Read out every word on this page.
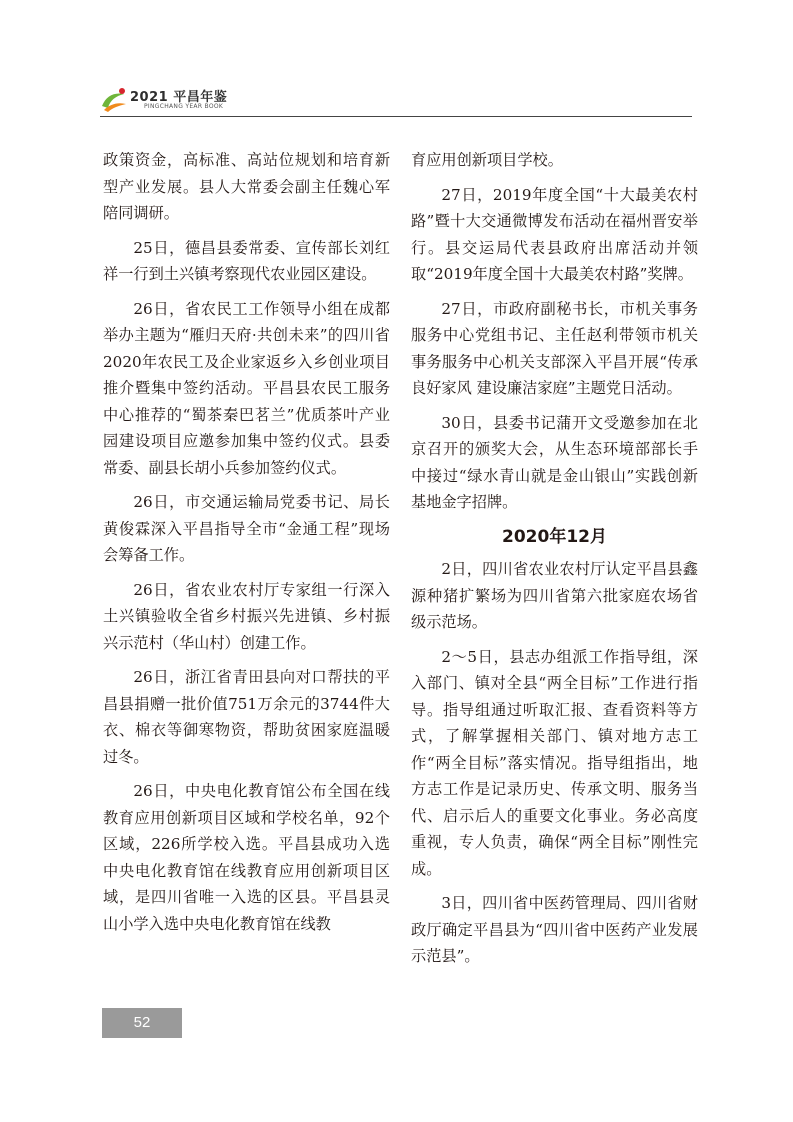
2021 平昌年鉴
PINGCHANG YEAR BOOK

政策资金，高标准、高站位规划和培育新型产业发展。县人大常委会副主任魏心军陪同调研。

25日，德昌县委常委、宣传部长刘红祥一行到土兴镇考察现代农业园区建设。

26日，省农民工工作领导小组在成都举办主题为“雁归天府·共创未来”的四川省2020年农民工及企业家返乡入乡创业项目推介暨集中签约活动。平昌县农民工服务中心推荐的“蜀茶秦巴茗兰”优质茶叶产业园建设项目应邀参加集中签约仪式。县委常委、副县长胡小兵参加签约仪式。

26日，市交通运输局党委书记、局长黄俊霖深入平昌指导全市“金通工程”现场会筹备工作。

26日，省农业农村厅专家组一行深入土兴镇验收全省乡村振兴先进镇、乡村振兴示范村（华山村）创建工作。

26日，浙江省青田县向对口帮扶的平昌县捐赠一批价值751万余元的3744件大衣、棉衣等御寒物资，帮助贫困家庭温暖过冬。

26日，中央电化教育馆公布全国在线教育应用创新项目区域和学校名单，92个区域，226所学校入选。平昌县成功入选中央电化教育馆在线教育应用创新项目区域，是四川省唯一入选的区县。平昌县灵山小学入选中央电化教育馆在线教

育应用创新项目学校。

27日，2019年度全国“十大最美农村路”暨十大交通微博发布活动在福州晋安举行。县交运局代表县政府出席活动并领取“2019年度全国十大最美农村路”奖牌。

27日，市政府副秘书长，市机关事务服务中心党组书记、主任赵利带领市机关事务服务中心机关支部深入平昌开展“传承良好家风 建设廉洁家庭”主题党日活动。

30日，县委书记蒲开文受邀参加在北京召开的颁奖大会，从生态环境部部长手中接过“绿水青山就是金山银山”实践创新基地金字招牌。

2020年12月

2日，四川省农业农村厅认定平昌县鑫源种猪扩繁场为四川省第六批家庭农场省级示范场。

2～5日，县志办组派工作指导组，深入部门、镇对全县“两全目标”工作进行指导。指导组通过听取汇报、查看资料等方式，了解掌握相关部门、镇对地方志工作“两全目标”落实情况。指导组指出，地方志工作是记录历史、传承文明、服务当代、启示后人的重要文化事业。务必高度重视，专人负责，确保“两全目标”刚性完成。

3日，四川省中医药管理局、四川省财政厅确定平昌县为“四川省中医药产业发展示范县”。

52
